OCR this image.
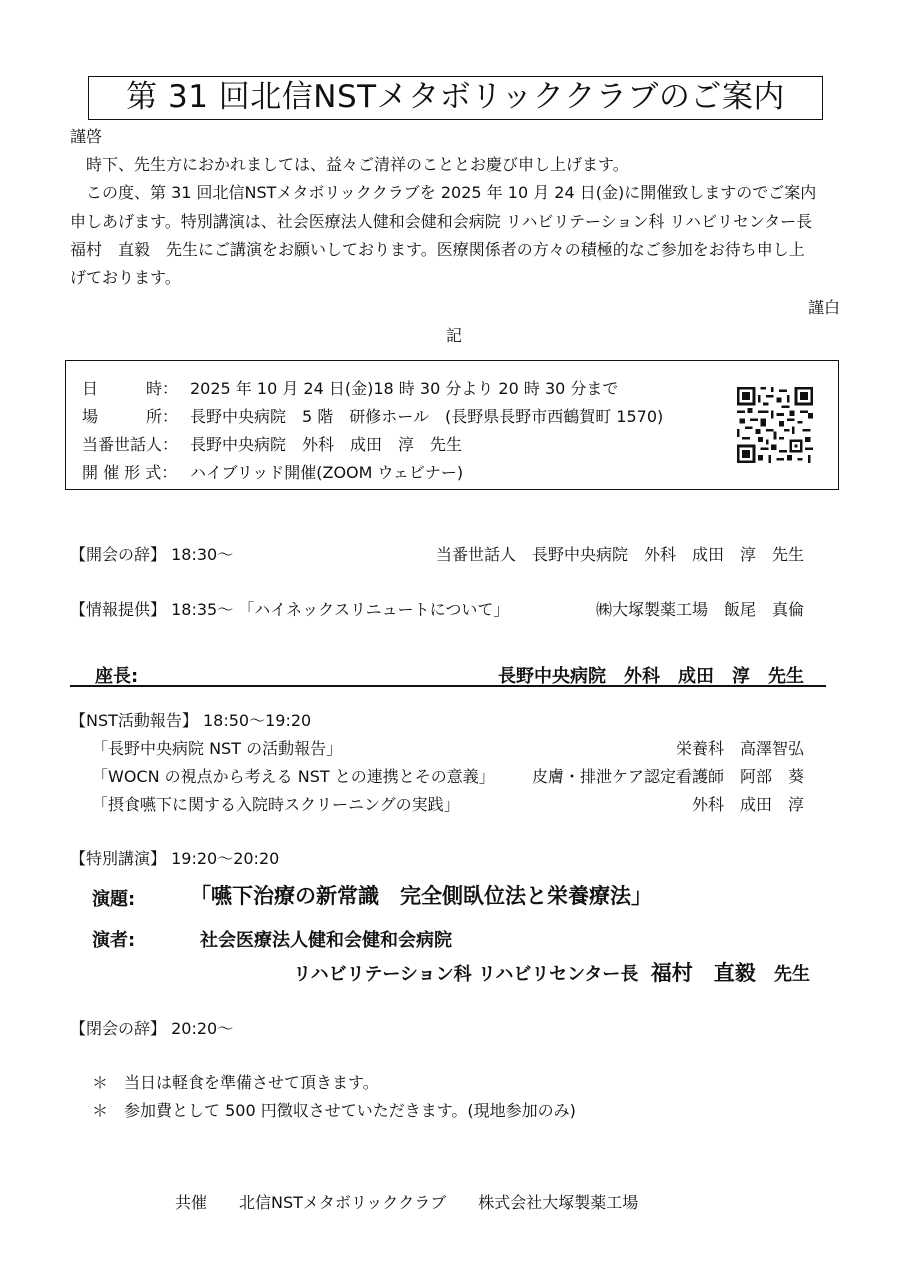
第 31 回北信NSTメタボリッククラブのご案内
謹啓
時下、先生方におかれましては、益々ご清祥のこととお慶び申し上げます。
この度、第 31 回北信NSTメタボリッククラブを 2025 年 10 月 24 日(金)に開催致しますのでご案内
申しあげます。特別講演は、社会医療法人健和会健和会病院 リハビリテーション科 リハビリセンター長
福村　直毅　先生にご講演をお願いしております。医療関係者の方々の積極的なご参加をお待ち申し上
げております。
謹白
記
日　　　時： 2025 年 10 月 24 日(金)18 時 30 分より 20 時 30 分まで
場　　　所： 長野中央病院　5 階　研修ホール　(長野県長野市西鶴賀町 1570)
当番世話人： 長野中央病院　外科　成田　淳　先生
開 催 形 式： ハイブリッド開催(ZOOM ウェビナー)
【開会の辞】 18:30～	当番世話人　長野中央病院　外科　成田　淳　先生
【情報提供】 18:35～ 「ハイネックスリニュートについて」	㈱大塚製薬工場　飯尾　真倫
座長:	長野中央病院　外科　成田　淳　先生
【NST活動報告】 18:50～19:20
「長野中央病院 NST の活動報告」	栄養科　高澤智弘
「WOCN の視点から考える NST との連携とその意義」 皮膚・排泄ケア認定看護師　阿部　葵
「摂食嚥下に関する入院時スクリーニングの実践」	外科　成田　淳
【特別講演】 19:20～20:20
演題:	「嚥下治療の新常識　完全側臥位法と栄養療法」
演者:	社会医療法人健和会健和会病院
リハビリテーション科 リハビリセンター長 福村　直毅 先生
【閉会の辞】 20:20～
＊　当日は軽食を準備させて頂きます。
＊　参加費として 500 円徴収させていただきます。(現地参加のみ)
共催　　北信NSTメタボリッククラブ　　株式会社大塚製薬工場
